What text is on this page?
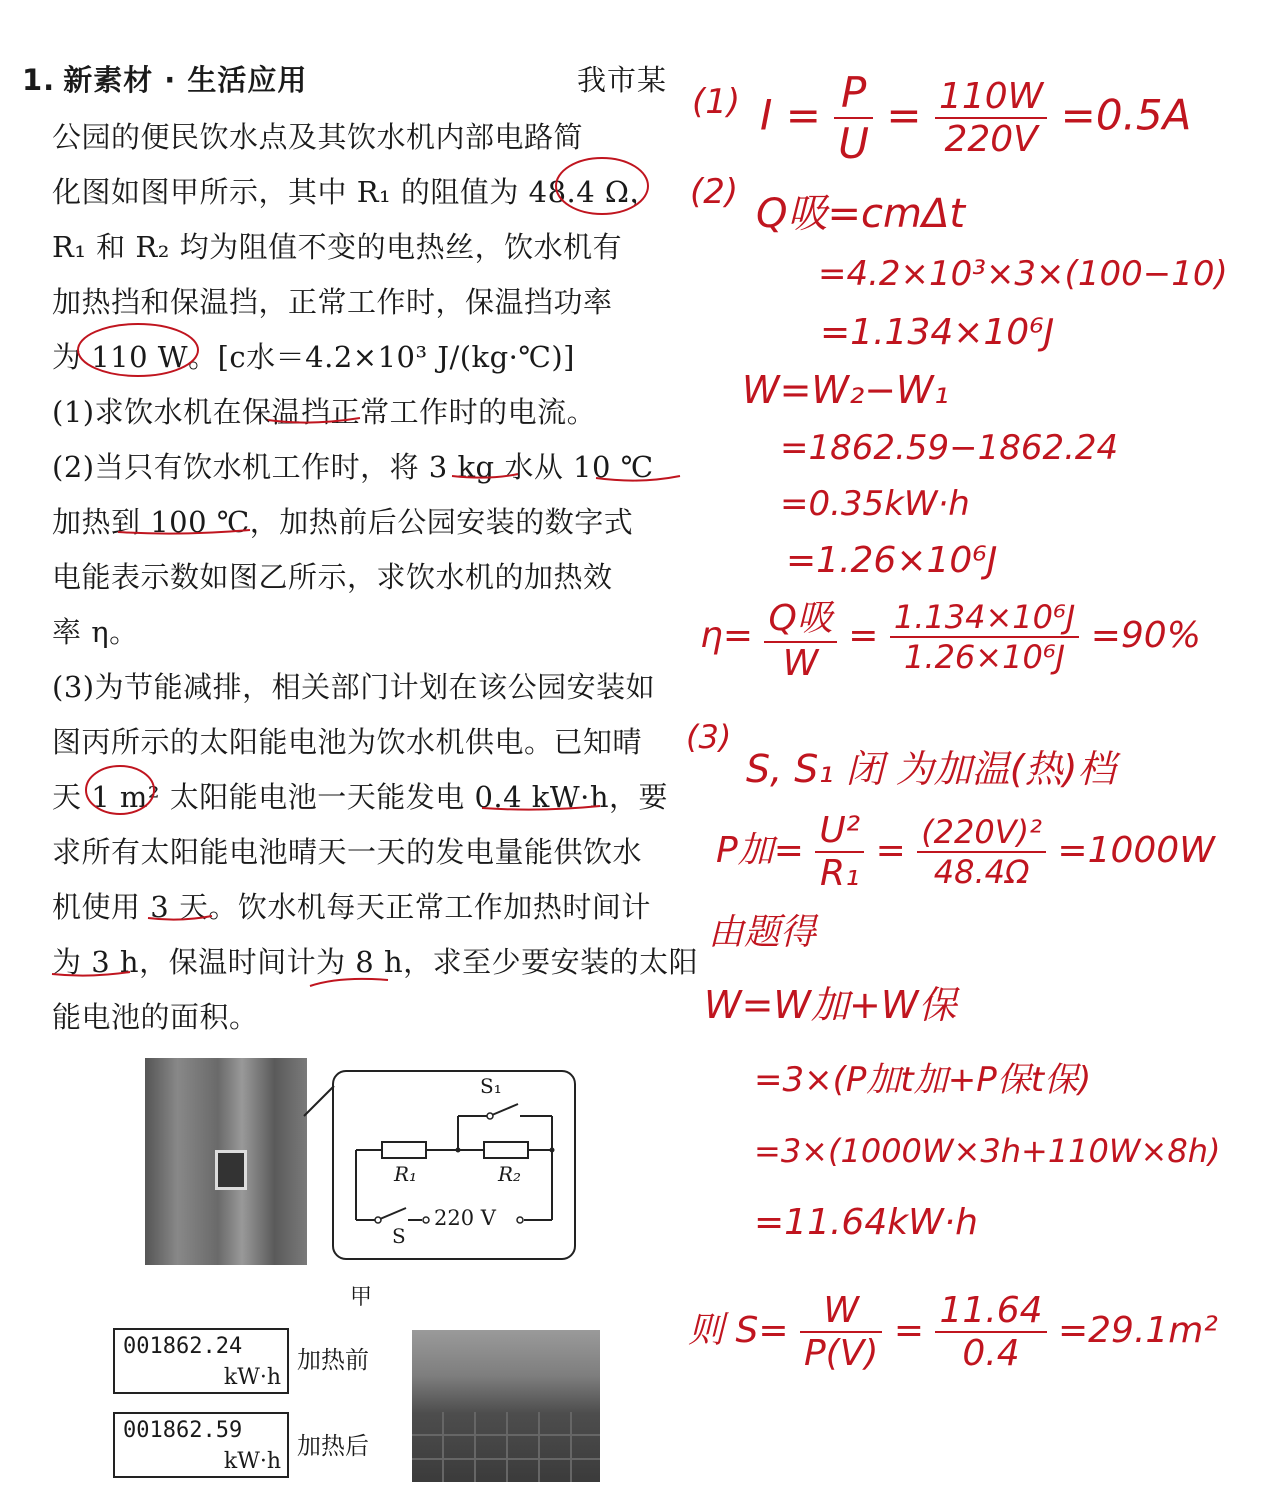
1. 新素材 · 生活应用	我市某
公园的便民饮水点及其饮水机内部电路简
化图如图甲所示，其中 R₁ 的阻值为 48.4 Ω，
R₁ 和 R₂ 均为阻值不变的电热丝，饮水机有
加热挡和保温挡，正常工作时，保温挡功率
为 110 W。[c水＝4.2×10³ J/(kg·℃)]
(1)求饮水机在保温挡正常工作时的电流。
(2)当只有饮水机工作时，将 3 kg 水从 10 ℃
加热到 100 ℃，加热前后公园安装的数字式
电能表示数如图乙所示，求饮水机的加热效
率 η。
(3)为节能减排，相关部门计划在该公园安装如
图丙所示的太阳能电池为饮水机供电。已知晴
天 1 m² 太阳能电池一天能发电 0.4 kW·h，要
求所有太阳能电池晴天一天的发电量能供饮水
机使用 3 天。饮水机每天正常工作加热时间计
为 3 h，保温时间计为 8 h，求至少要安装的太阳
能电池的面积。
S₁
R₁	R₂
S
220 V
甲
001862.24
kW·h
加热前
001862.59
kW·h
加热后
(1) $I = \frac{P}{U} = \frac{110W}{220V} =0.5A$
(2) Q吸=cmΔt
=4.2×10³×3×(100−10)
=1.134×10⁶J
W=W₂−W₁
=1862.59−1862.24
=0.35kW·h
=1.26×10⁶J
$\eta= \frac{\text{Q吸}}{W} = \frac{\text{1.134×10⁶J}}{\text{1.26×10⁶J}} =90\%$
(3)
S, S₁ 闭 为加温(热)档
P加= $\frac{\text{U²}}{\text{R₁}} = \frac{\text{(220V)²}}{48.4\Omega} =1000W$
由题得
W=W加+W保
=3×(P加t加+P保t保)
=3×(1000W×3h+110W×8h)
=11.64kW·h
则 $S= \frac{W}{P(V)} = \frac{11.64}{0.4} =29.1m^2$
